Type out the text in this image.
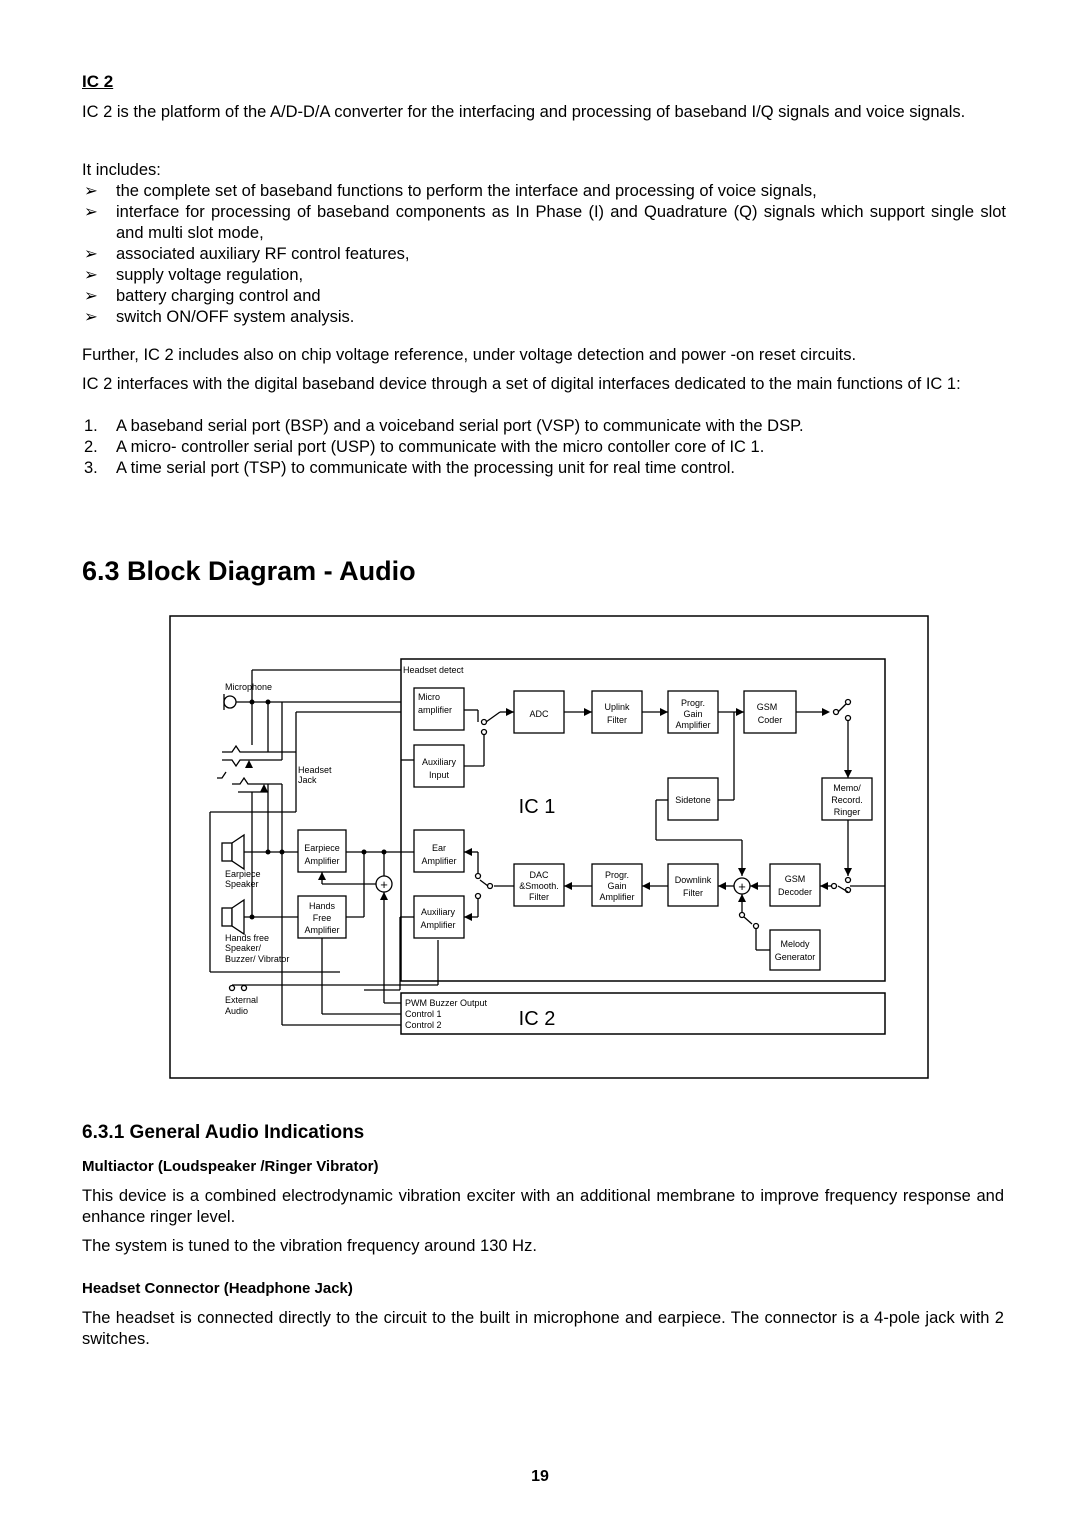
IC 2
IC 2 is the platform of the A/D-D/A converter for the interfacing and processing of baseband I/Q signals and voice signals.
It includes:
➢	the complete set of baseband functions to perform the interface and processing of voice signals,
➢	interface for processing of baseband components as In Phase (I) and Quadrature (Q) signals which support single slot and multi slot mode,
➢	associated auxiliary RF control features,
➢	supply voltage regulation,
➢	battery charging control and
➢	switch ON/OFF system analysis.
Further, IC 2 includes also on chip voltage reference, under voltage detection and power -on reset circuits.
IC 2 interfaces with the digital baseband device through a set of digital interfaces dedicated to the main functions of IC 1:
1.	A baseband serial port (BSP) and a voiceband serial port (VSP) to communicate with the DSP.
2.	A micro- controller serial port (USP) to communicate with the micro contoller core of IC 1.
3.	A time serial port (TSP) to communicate with the processing unit for real time control.
6.3 Block Diagram - Audio
Headset detect
Microphone
Headset
Jack
Earpiece
Speaker
Hands free
Speaker/
Buzzer/ Vibrator
External
Audio
Micro
amplifier
Auxiliary
Input
ADC
Uplink
Filter
Progr.
Gain
Amplifier
GSM
Coder
Memo/
Record.
Ringer
Sidetone
Earpiece
Amplifier
Hands
Free
Amplifier
Ear
Amplifier
Auxiliary
Amplifier
DAC
&Smooth.
Filter
Progr.
Gain
Amplifier
Downlink
Filter
GSM
Decoder
Melody
Generator
PWM Buzzer Output
Control 1
Control 2
+	+
IC 1
IC 2
6.3.1 General Audio Indications
Multiactor (Loudspeaker /Ringer Vibrator)
This device is a combined electrodynamic vibration exciter with an additional membrane to improve frequency response and enhance ringer level.
The system is tuned to the vibration frequency around 130 Hz.
Headset Connector (Headphone Jack)
The headset is connected directly to the circuit to the built in microphone and earpiece. The connector is a 4-pole jack with 2 switches.
19
